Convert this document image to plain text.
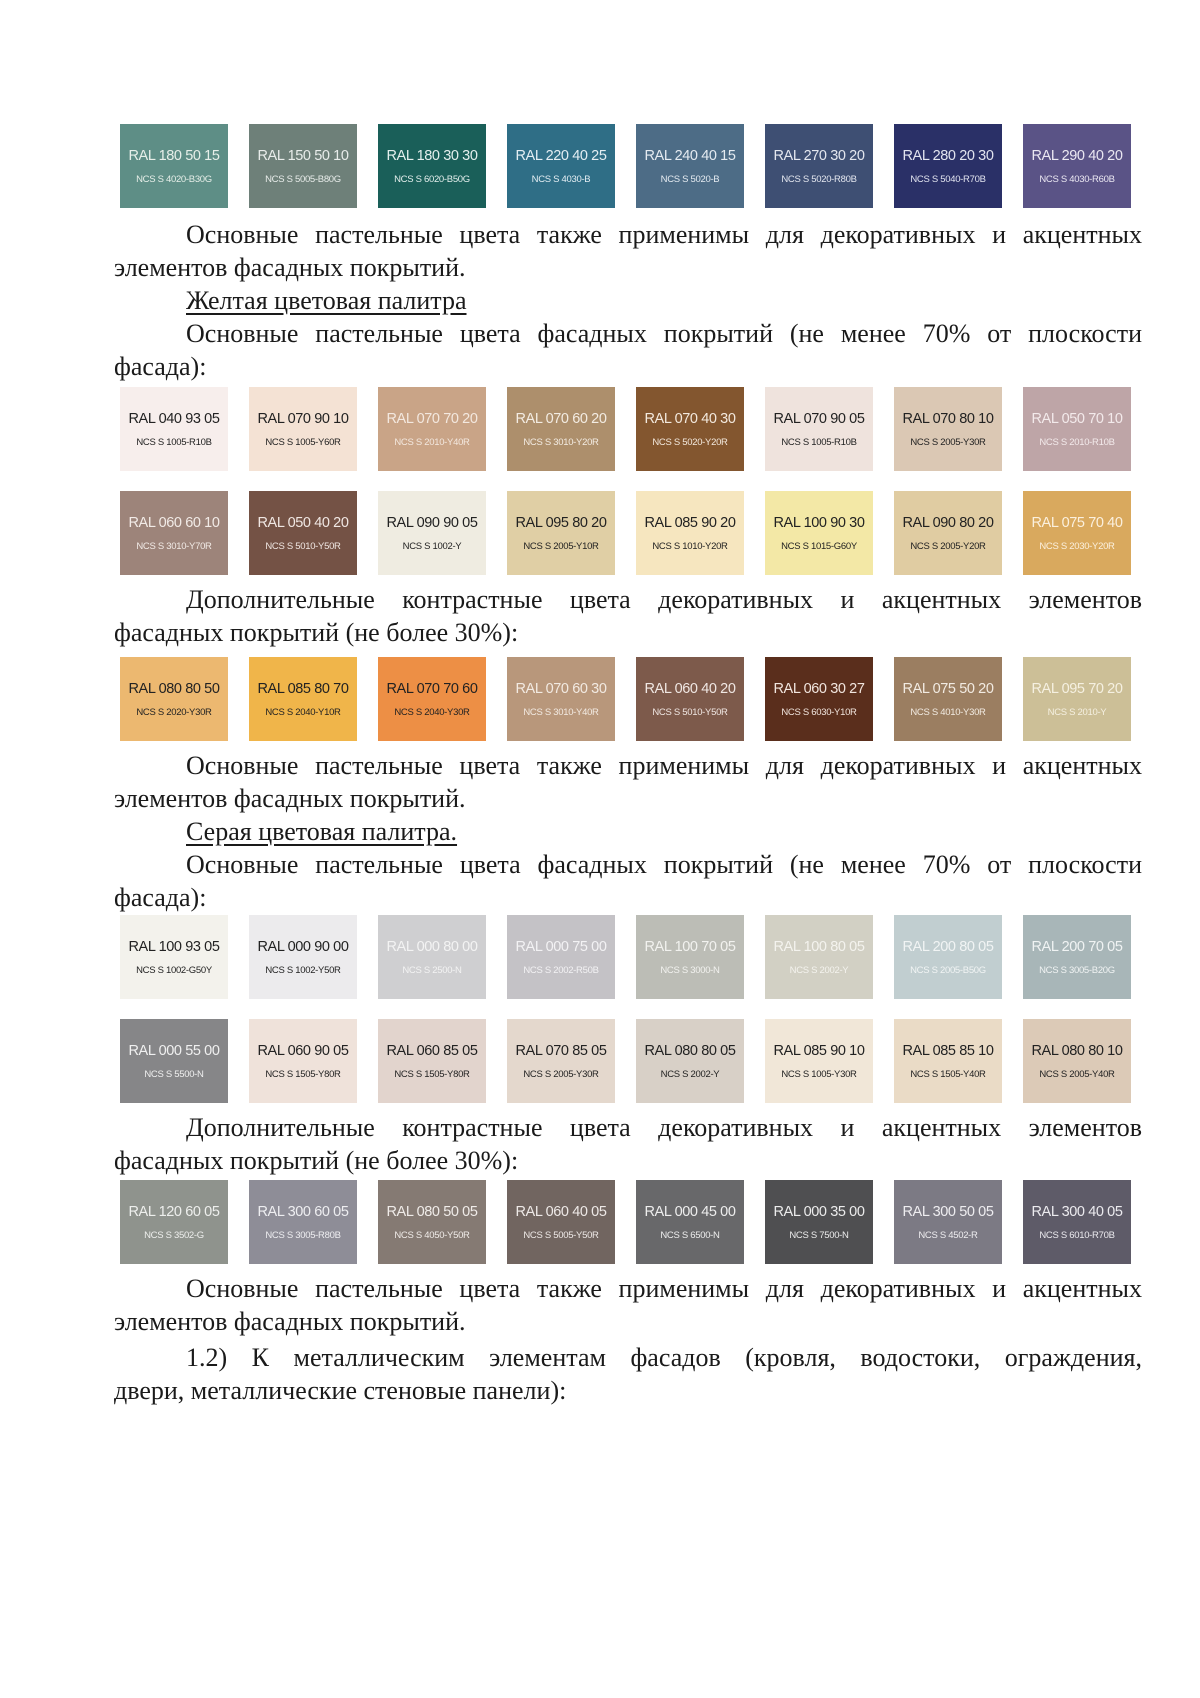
RAL 180 50 15
NCS S 4020-B30G
RAL 150 50 10
NCS S 5005-B80G
RAL 180 30 30
NCS S 6020-B50G
RAL 220 40 25
NCS S 4030-B
RAL 240 40 15
NCS S 5020-B
RAL 270 30 20
NCS S 5020-R80B
RAL 280 20 30
NCS S 5040-R70B
RAL 290 40 20
NCS S 4030-R60B

Основные пастельные цвета также применимы для декоративных и акцентных
элементов фасадных покрытий.

Желтая цветовая палитра

Основные пастельные цвета фасадных покрытий (не менее 70% от плоскости
фасада):

RAL 040 93 05
NCS S 1005-R10B
RAL 070 90 10
NCS S 1005-Y60R
RAL 070 70 20
NCS S 2010-Y40R
RAL 070 60 20
NCS S 3010-Y20R
RAL 070 40 30
NCS S 5020-Y20R
RAL 070 90 05
NCS S 1005-R10B
RAL 070 80 10
NCS S 2005-Y30R
RAL 050 70 10
NCS S 2010-R10B
RAL 060 60 10
NCS S 3010-Y70R
RAL 050 40 20
NCS S 5010-Y50R
RAL 090 90 05
NCS S 1002-Y
RAL 095 80 20
NCS S 2005-Y10R
RAL 085 90 20
NCS S 1010-Y20R
RAL 100 90 30
NCS S 1015-G60Y
RAL 090 80 20
NCS S 2005-Y20R
RAL 075 70 40
NCS S 2030-Y20R

Дополнительные контрастные цвета декоративных и акцентных элементов
фасадных покрытий (не более 30%):

RAL 080 80 50
NCS S 2020-Y30R
RAL 085 80 70
NCS S 2040-Y10R
RAL 070 70 60
NCS S 2040-Y30R
RAL 070 60 30
NCS S 3010-Y40R
RAL 060 40 20
NCS S 5010-Y50R
RAL 060 30 27
NCS S 6030-Y10R
RAL 075 50 20
NCS S 4010-Y30R
RAL 095 70 20
NCS S 2010-Y

Основные пастельные цвета также применимы для декоративных и акцентных
элементов фасадных покрытий.

Серая цветовая палитра.

Основные пастельные цвета фасадных покрытий (не менее 70% от плоскости
фасада):

RAL 100 93 05
NCS S 1002-G50Y
RAL 000 90 00
NCS S 1002-Y50R
RAL 000 80 00
NCS S 2500-N
RAL 000 75 00
NCS S 2002-R50B
RAL 100 70 05
NCS S 3000-N
RAL 100 80 05
NCS S 2002-Y
RAL 200 80 05
NCS S 2005-B50G
RAL 200 70 05
NCS S 3005-B20G
RAL 000 55 00
NCS S 5500-N
RAL 060 90 05
NCS S 1505-Y80R
RAL 060 85 05
NCS S 1505-Y80R
RAL 070 85 05
NCS S 2005-Y30R
RAL 080 80 05
NCS S 2002-Y
RAL 085 90 10
NCS S 1005-Y30R
RAL 085 85 10
NCS S 1505-Y40R
RAL 080 80 10
NCS S 2005-Y40R

Дополнительные контрастные цвета декоративных и акцентных элементов
фасадных покрытий (не более 30%):

RAL 120 60 05
NCS S 3502-G
RAL 300 60 05
NCS S 3005-R80B
RAL 080 50 05
NCS S 4050-Y50R
RAL 060 40 05
NCS S 5005-Y50R
RAL 000 45 00
NCS S 6500-N
RAL 000 35 00
NCS S 7500-N
RAL 300 50 05
NCS S 4502-R
RAL 300 40 05
NCS S 6010-R70B

Основные пастельные цвета также применимы для декоративных и акцентных
элементов фасадных покрытий.

1.2) К металлическим элементам фасадов (кровля, водостоки, ограждения,
двери, металлические стеновые панели):
